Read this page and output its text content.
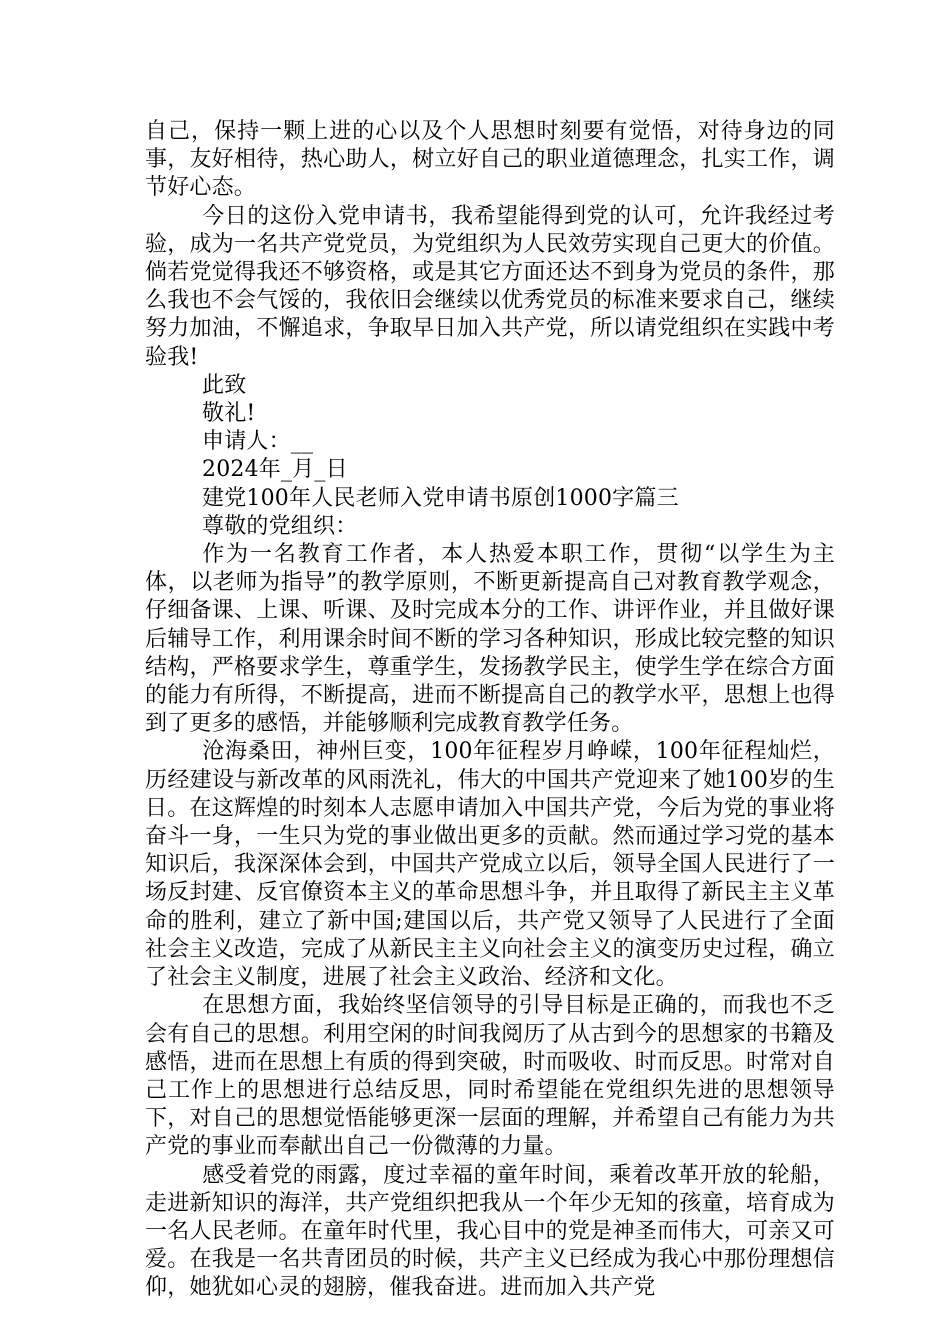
自己，保持一颗上进的心以及个人思想时刻要有觉悟，对待身边的同事，友好相待，热心助人，树立好自己的职业道德理念，扎实工作，调节好心态。

今日的这份入党申请书，我希望能得到党的认可，允许我经过考验，成为一名共产党党员，为党组织为人民效劳实现自己更大的价值。倘若党觉得我还不够资格，或是其它方面还达不到身为党员的条件，那么我也不会气馁的，我依旧会继续以优秀党员的标准来要求自己，继续努力加油，不懈追求，争取早日加入共产党，所以请党组织在实践中考验我!

此致

敬礼!

申请人：__

2024年_月_日

建党100年人民老师入党申请书原创1000字篇三

尊敬的党组织：

作为一名教育工作者，本人热爱本职工作，贯彻“以学生为主体，以老师为指导”的教学原则，不断更新提高自己对教育教学观念，仔细备课、上课、听课、及时完成本分的工作、讲评作业，并且做好课后辅导工作，利用课余时间不断的学习各种知识，形成比较完整的知识结构，严格要求学生，尊重学生，发扬教学民主，使学生学在综合方面的能力有所得，不断提高，进而不断提高自己的教学水平，思想上也得到了更多的感悟，并能够顺利完成教育教学任务。

沧海桑田，神州巨变，100年征程岁月峥嵘，100年征程灿烂，历经建设与新改革的风雨洗礼，伟大的中国共产党迎来了她100岁的生日。在这辉煌的时刻本人志愿申请加入中国共产党，今后为党的事业将奋斗一身，一生只为党的事业做出更多的贡献。然而通过学习党的基本知识后，我深深体会到，中国共产党成立以后，领导全国人民进行了一场反封建、反官僚资本主义的革命思想斗争，并且取得了新民主主义革命的胜利，建立了新中国;建国以后，共产党又领导了人民进行了全面社会主义改造，完成了从新民主主义向社会主义的演变历史过程，确立了社会主义制度，进展了社会主义政治、经济和文化。

在思想方面，我始终坚信领导的引导目标是正确的，而我也不乏会有自己的思想。利用空闲的时间我阅历了从古到今的思想家的书籍及感悟，进而在思想上有质的得到突破，时而吸收、时而反思。时常对自己工作上的思想进行总结反思，同时希望能在党组织先进的思想领导下，对自己的思想觉悟能够更深一层面的理解，并希望自己有能力为共产党的事业而奉献出自己一份微薄的力量。

感受着党的雨露，度过幸福的童年时间，乘着改革开放的轮船，走进新知识的海洋，共产党组织把我从一个年少无知的孩童，培育成为一名人民老师。在童年时代里，我心目中的党是神圣而伟大，可亲又可爱。在我是一名共青团员的时候，共产主义已经成为我心中那份理想信仰，她犹如心灵的翅膀，催我奋进。进而加入共产党
